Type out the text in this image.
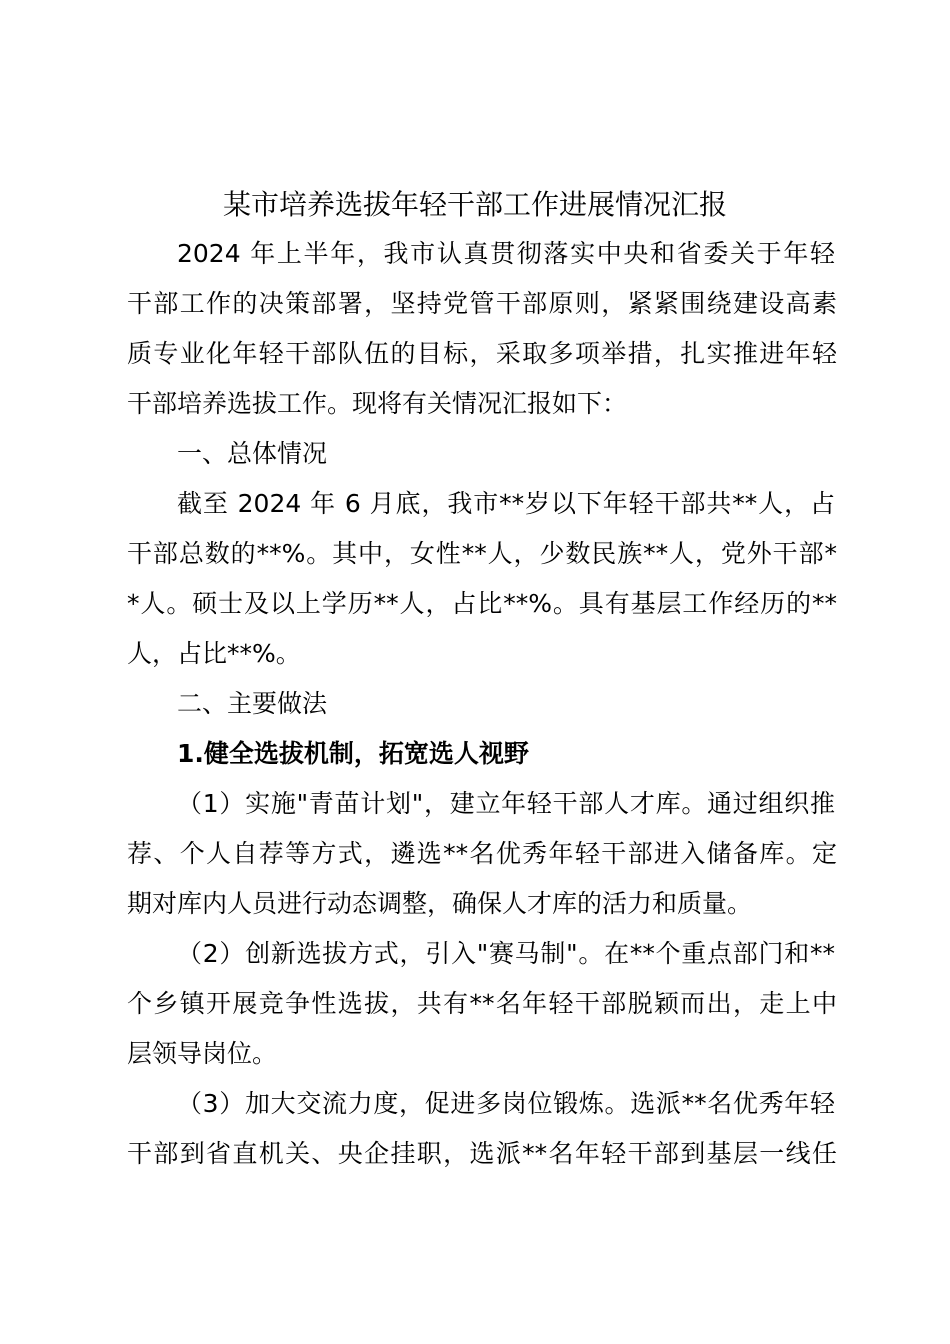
某市培养选拔年轻干部工作进展情况汇报
2024 年上半年，我市认真贯彻落实中央和省委关于年轻
干部工作的决策部署，坚持党管干部原则，紧紧围绕建设高素
质专业化年轻干部队伍的目标，采取多项举措，扎实推进年轻
干部培养选拔工作。现将有关情况汇报如下：
一、总体情况
截至 2024 年 6 月底，我市**岁以下年轻干部共**人，占
干部总数的**%。其中，女性**人，少数民族**人，党外干部*
*人。硕士及以上学历**人，占比**%。具有基层工作经历的**
人，占比**%。
二、主要做法
1.健全选拔机制，拓宽选人视野
（1）实施"青苗计划"，建立年轻干部人才库。通过组织推
荐、个人自荐等方式，遴选**名优秀年轻干部进入储备库。定
期对库内人员进行动态调整，确保人才库的活力和质量。
（2）创新选拔方式，引入"赛马制"。在**个重点部门和**
个乡镇开展竞争性选拔，共有**名年轻干部脱颖而出，走上中
层领导岗位。
（3）加大交流力度，促进多岗位锻炼。选派**名优秀年轻
干部到省直机关、央企挂职，选派**名年轻干部到基层一线任
